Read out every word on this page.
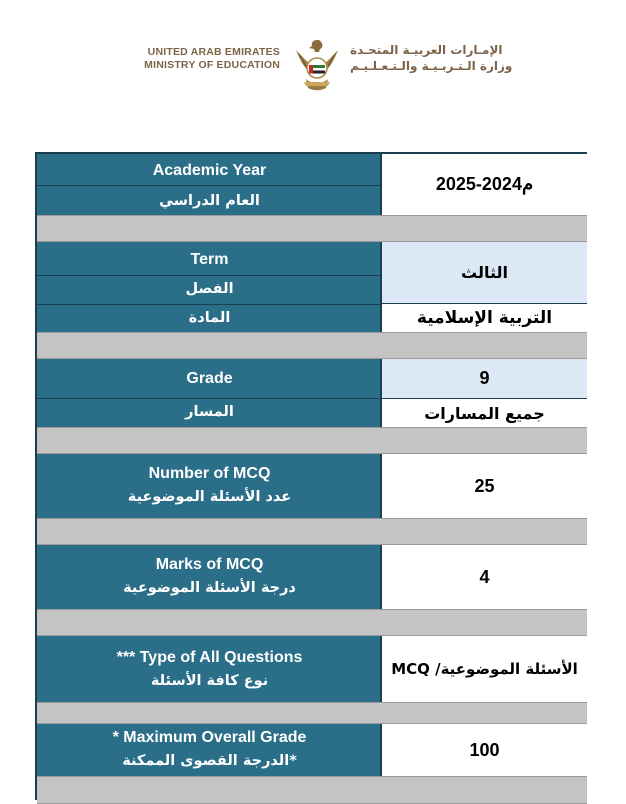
UNITED ARAB EMIRATES
MINISTRY OF EDUCATION
الإمـارات العربيـة المتحـدة
وزارة الـتـربـيـة والـتـعـلـيـم
Academic Year
العام الدراسي
2025-2024م
Term
الفصل
المادة
الثالث
التربية الإسلامية
Grade	9
المسار	جميع المسارات
Number of MCQ
عدد الأسئلة الموضوعية
25
Marks of MCQ
درجة الأسئلة الموضوعية
4
*** Type of All Questions
نوع كافة الأسئلة
الأسئلة الموضوعية/ MCQ
* Maximum Overall Grade
*الدرجة القصوى الممكنة
100
